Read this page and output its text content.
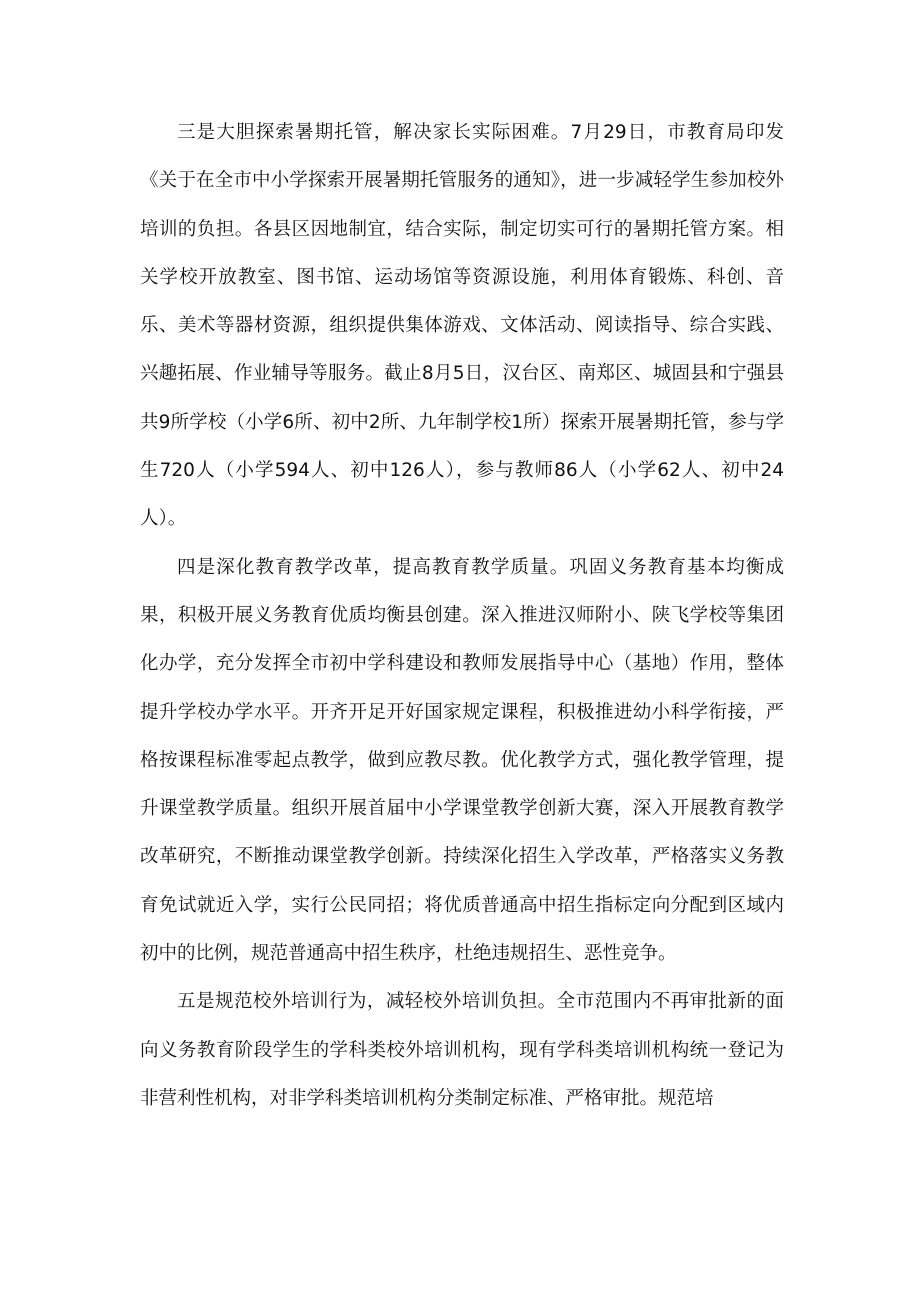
三是大胆探索暑期托管，解决家长实际困难。7月29日，市教育局印发《关于在全市中小学探索开展暑期托管服务的通知》，进一步减轻学生参加校外培训的负担。各县区因地制宜，结合实际，制定切实可行的暑期托管方案。相关学校开放教室、图书馆、运动场馆等资源设施，利用体育锻炼、科创、音乐、美术等器材资源，组织提供集体游戏、文体活动、阅读指导、综合实践、兴趣拓展、作业辅导等服务。截止8月5日，汉台区、南郑区、城固县和宁强县共9所学校（小学6所、初中2所、九年制学校1所）探索开展暑期托管，参与学生720人（小学594人、初中126人），参与教师86人（小学62人、初中24人）。

四是深化教育教学改革，提高教育教学质量。巩固义务教育基本均衡成果，积极开展义务教育优质均衡县创建。深入推进汉师附小、陕飞学校等集团化办学，充分发挥全市初中学科建设和教师发展指导中心（基地）作用，整体提升学校办学水平。开齐开足开好国家规定课程，积极推进幼小科学衔接，严格按课程标准零起点教学，做到应教尽教。优化教学方式，强化教学管理，提升课堂教学质量。组织开展首届中小学课堂教学创新大赛，深入开展教育教学改革研究，不断推动课堂教学创新。持续深化招生入学改革，严格落实义务教育免试就近入学，实行公民同招；将优质普通高中招生指标定向分配到区域内初中的比例，规范普通高中招生秩序，杜绝违规招生、恶性竞争。

五是规范校外培训行为，减轻校外培训负担。全市范围内不再审批新的面向义务教育阶段学生的学科类校外培训机构，现有学科类培训机构统一登记为非营利性机构，对非学科类培训机构分类制定标准、严格审批。规范培
